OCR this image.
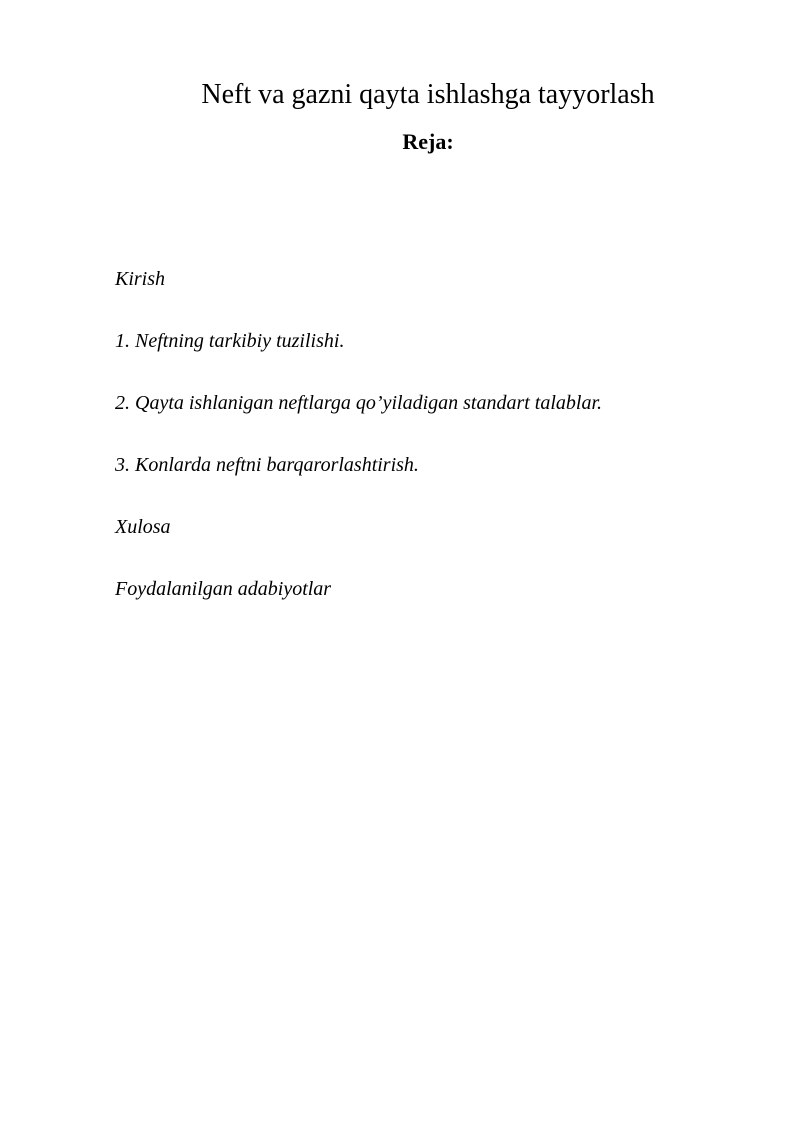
Neft va gazni qayta ishlashga tayyorlash
Reja:
Kirish
1. Neftning tarkibiy tuzilishi.
2. Qayta ishlanigan neftlarga qo’yiladigan standart talablar.
3. Konlarda neftni barqarorlashtirish.
Xulosa
Foydalanilgan adabiyotlar
